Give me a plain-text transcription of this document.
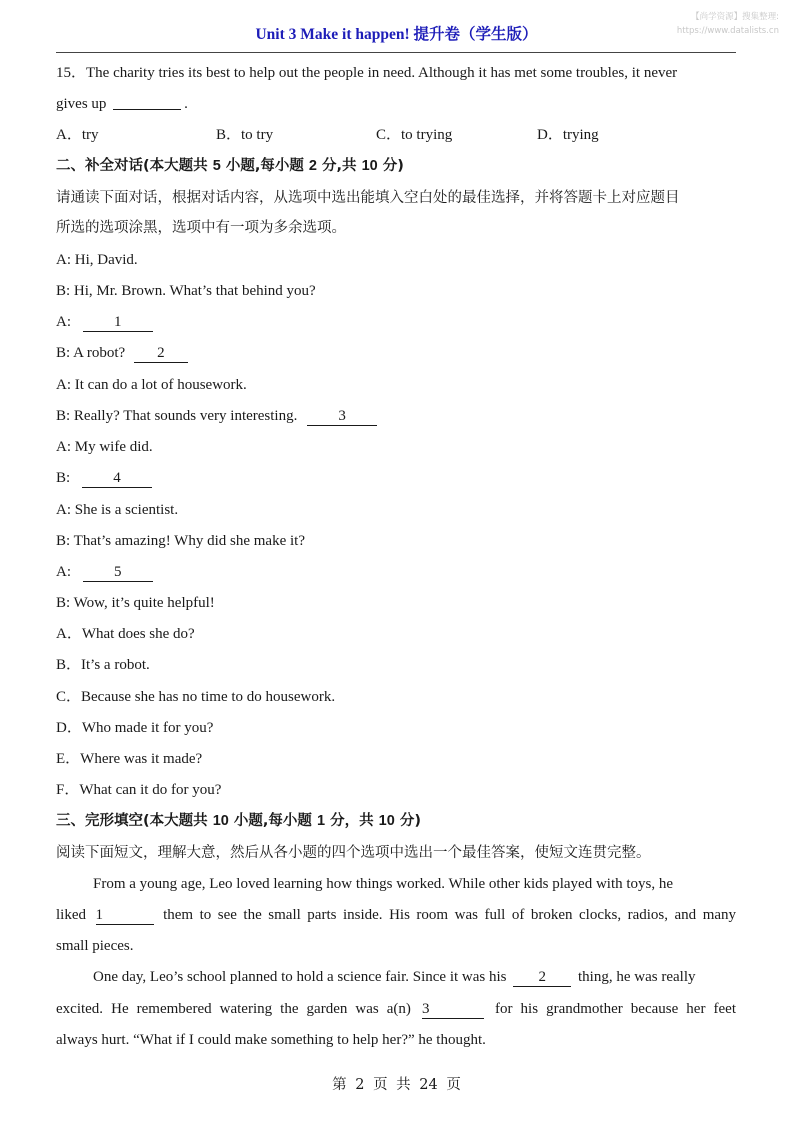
Unit 3 Make it happen! 提升卷（学生版）
【尚学资源】搜集整理:
https://www.datalists.cn
15．The charity tries its best to help out the people in need. Although it has met some troubles, it never
gives up	.
A．try	B．to try	C．to trying	D．trying
二、补全对话(本大题共 5 小题,每小题 2 分,共 10 分)
请通读下面对话，根据对话内容，从选项中选出能填入空白处的最佳选择，并将答题卡上对应题目
所选的选项涂黑，选项中有一项为多余选项。
A: Hi, David.
B: Hi, Mr. Brown. What’s that behind you?
A:	1
B: A robot? 2
A: It can do a lot of housework.
B: Really? That sounds very interesting.	3
A: My wife did.
B:	4
A: She is a scientist.
B: That’s amazing! Why did she make it?
A:	5
B: Wow, it’s quite helpful!
A．What does she do?
B．It’s a robot.
C．Because she has no time to do housework.
D．Who made it for you?
E．Where was it made?
F．What can it do for you?
三、完形填空(本大题共 10 小题,每小题 1 分，共 10 分)
阅读下面短文，理解大意，然后从各小题的四个选项中选出一个最佳答案，使短文连贯完整。
From a young age, Leo loved learning how things worked. While other kids played with toys, he
liked 1	them to see the small parts inside. His room was full of broken clocks, radios, and many
small pieces.
One day, Leo’s school planned to hold a science fair. Since it was his 2 thing, he was really
excited. He remembered watering the garden was a(n) 3	for his grandmother because her feet
always hurt. “What if I could make something to help her?” he thought.
第 2 页 共 24 页
